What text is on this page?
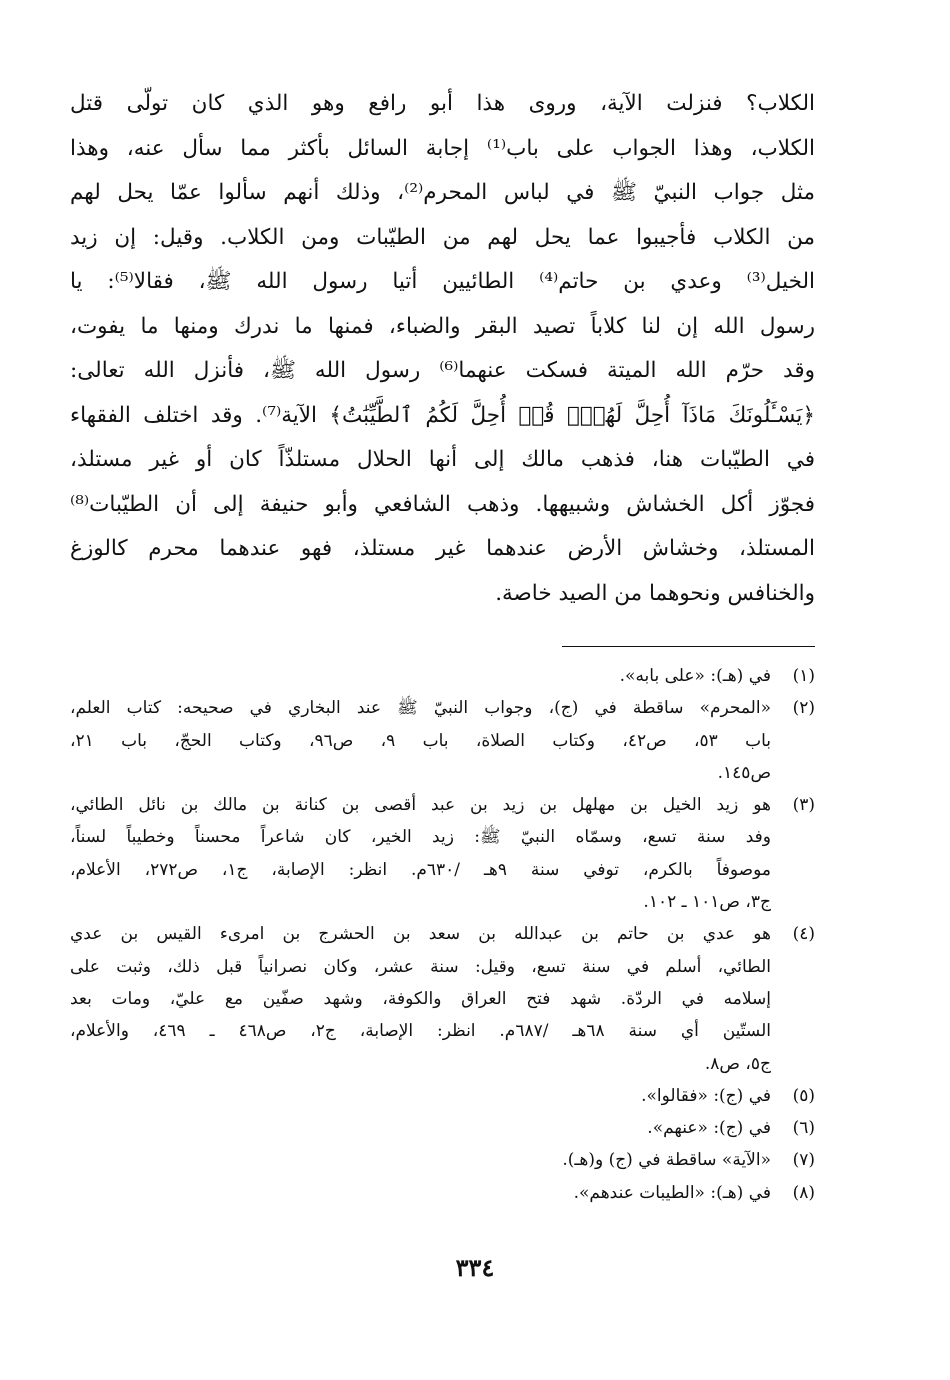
الكلاب؟ فنزلت الآية، وروى هذا أبو رافع وهو الذي كان تولّى قتل
الكلاب، وهذا الجواب على باب⁽¹⁾ إجابة السائل بأكثر مما سأل عنه، وهذا
مثل جواب النبيّ ﷺ في لباس المحرم⁽²⁾، وذلك أنهم سألوا عمّا يحل لهم
من الكلاب فأجيبوا عما يحل لهم من الطيّبات ومن الكلاب. وقيل: إن زيد
الخيل⁽³⁾ وعدي بن حاتم⁽⁴⁾ الطائيين أتيا رسول الله ﷺ، فقالا⁽⁵⁾: يا
رسول الله إن لنا كلاباً تصيد البقر والضباء، فمنها ما ندرك ومنها ما يفوت،
وقد حرّم الله الميتة فسكت عنهما⁽⁶⁾ رسول الله ﷺ، فأنزل الله تعالى:
﴿يَسْـَٔلُونَكَ مَاذَآ أُحِلَّ لَهُمْۖ قُلۡ أُحِلَّ لَكُمُ ٱلطَّيِّبَٰتُ﴾ الآية⁽⁷⁾. وقد اختلف الفقهاء
في الطيّبات هنا، فذهب مالك إلى أنها الحلال مستلذّاً كان أو غير مستلذ،
فجوّز أكل الخشاش وشبيهها. وذهب الشافعي وأبو حنيفة إلى أن الطيّبات⁽⁸⁾
المستلذ، وخشاش الأرض عندهما غير مستلذ، فهو عندهما محرم كالوزغ
والخنافس ونحوهما من الصيد خاصة.
(١)
في (هـ): «على بابه».
(٢)
«المحرم» ساقطة في (ج)، وجواب النبيّ ﷺ عند البخاري في صحيحه: كتاب العلم،
باب ٥٣، ص٤٢، وكتاب الصلاة، باب ٩، ص٩٦، وكتاب الحجّ، باب ٢١،
ص١٤٥.
(٣)
هو زيد الخيل بن مهلهل بن زيد بن عبد أقصى بن كنانة بن مالك بن نائل الطائي،
وفد سنة تسع، وسمّاه النبيّ ﷺ: زيد الخير، كان شاعراً محسناً وخطيباً لسناً،
موصوفاً بالكرم، توفي سنة ٩هـ /٦٣٠م. انظر: الإصابة، ج١، ص٢٧٢، الأعلام،
ج٣، ص١٠١ ـ ١٠٢.
(٤)
هو عدي بن حاتم بن عبدالله بن سعد بن الحشرج بن امرىء القيس بن عدي
الطائي، أسلم في سنة تسع، وقيل: سنة عشر، وكان نصرانياً قبل ذلك، وثبت على
إسلامه في الردّة. شهد فتح العراق والكوفة، وشهد صفّين مع عليّ، ومات بعد
الستّين أي سنة ٦٨هـ /٦٨٧م. انظر: الإصابة، ج٢، ص٤٦٨ ـ ٤٦٩، والأعلام،
ج٥، ص٨.
(٥)
في (ج): «فقالوا».
(٦)
في (ج): «عنهم».
(٧)
«الآية» ساقطة في (ج) و(هـ).
(٨)
في (هـ): «الطيبات عندهم».
٣٣٤
